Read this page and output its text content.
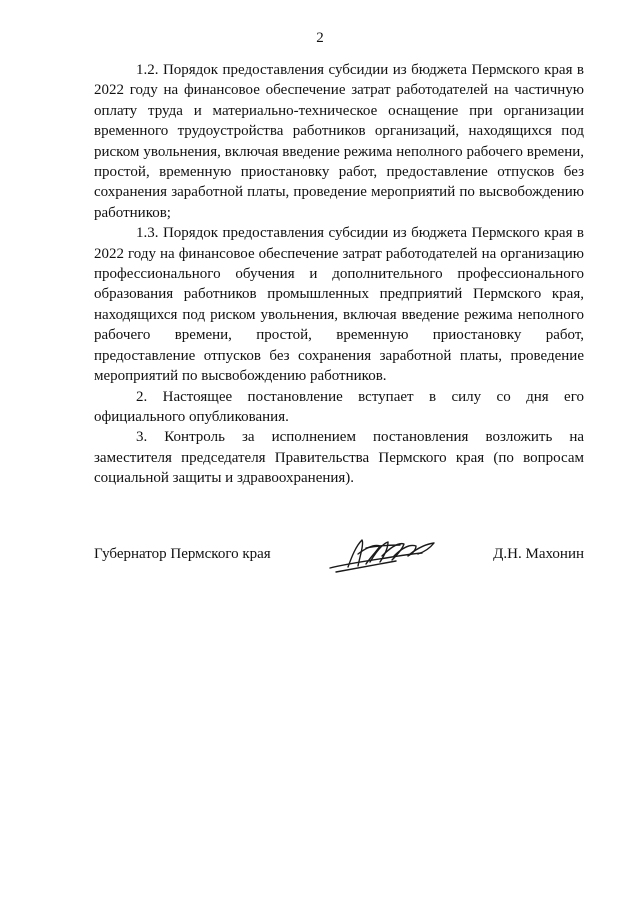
2

1.2. Порядок предоставления субсидии из бюджета Пермского края в 2022 году на финансовое обеспечение затрат работодателей на частичную оплату труда и материально-техническое оснащение при организации временного трудоустройства работников организаций, находящихся под риском увольнения, включая введение режима неполного рабочего времени, простой, временную приостановку работ, предоставление отпусков без сохранения заработной платы, проведение мероприятий по высвобождению работников;

1.3. Порядок предоставления субсидии из бюджета Пермского края в 2022 году на финансовое обеспечение затрат работодателей на организацию профессионального обучения и дополнительного профессионального образования работников промышленных предприятий Пермского края, находящихся под риском увольнения, включая введение режима неполного рабочего времени, простой, временную приостановку работ, предоставление отпусков без сохранения заработной платы, проведение мероприятий по высвобождению работников.

2. Настоящее постановление вступает в силу со дня его официального опубликования.

3. Контроль за исполнением постановления возложить на заместителя председателя Правительства Пермского края (по вопросам социальной защиты и здравоохранения).

Губернатор Пермского края	Д.Н. Махонин
